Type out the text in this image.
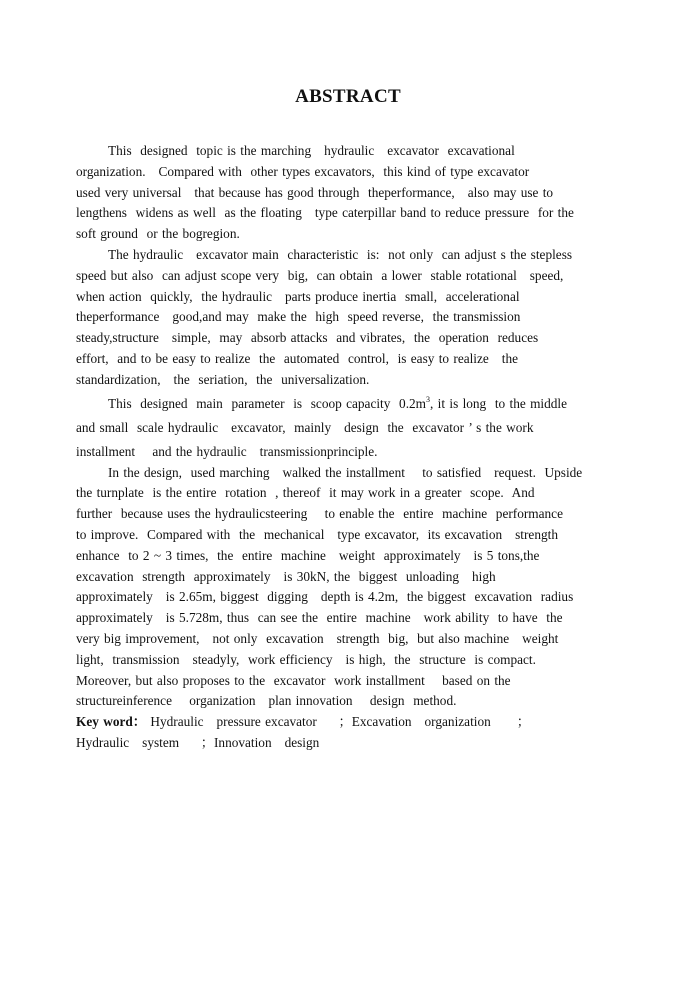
ABSTRACT
This  designed  topic is the marching   hydraulic   excavator  excavational
organization.   Compared with  other types excavators,  this kind of type excavator
used very universal   that because has good through  theperformance,   also may use to
lengthens  widens as well  as the floating   type caterpillar band to reduce pressure  for the
soft ground  or the bogregion.
The hydraulic   excavator main  characteristic  is:  not only  can adjust s the stepless
speed but also  can adjust scope very  big,  can obtain  a lower  stable rotational   speed,
when action  quickly,  the hydraulic   parts produce inertia  small,  accelerational
theperformance   good,and may  make the  high  speed reverse,  the transmission
steady,structure   simple,  may  absorb attacks  and vibrates,  the  operation  reduces
effort,  and to be easy to realize  the  automated  control,  is easy to realize   the
standardization,   the  seriation,  the  universalization.
This  designed  main  parameter  is  scoop capacity  $0.2m^3$, it is long  to the middle
and small  scale hydraulic   excavator,  mainly   design  the  excavator ’ s the work
installment    and the hydraulic   transmissionprinciple.
In the design,  used marching   walked the installment    to satisfied   request.  Upside
the turnplate  is the entire  rotation  , thereof  it may work in a greater  scope.  And
further  because uses the hydraulicsteering    to enable the  entire  machine  performance
to improve.  Compared with  the  mechanical   type excavator,  its excavation   strength
enhance  to 2 ~ 3 times,  the  entire  machine   weight  approximately   is 5 tons,the
excavation  strength  approximately   is 30kN, the  biggest  unloading   high
approximately   is 2.65m, biggest  digging   depth is 4.2m,  the biggest  excavation  radius
approximately   is 5.728m, thus  can see the  entire  machine   work ability  to have  the
very big improvement,   not only  excavation   strength  big,  but also machine   weight
light,  transmission   steadyly,  work efficiency   is high,  the  structure  is compact.
Moreover, but also proposes to the  excavator  work installment    based on the
structureinference    organization   plan innovation    design  method.
Key word： Hydraulic   pressure excavator     ；Excavation   organization      ；
Hydraulic   system     ；Innovation   design
